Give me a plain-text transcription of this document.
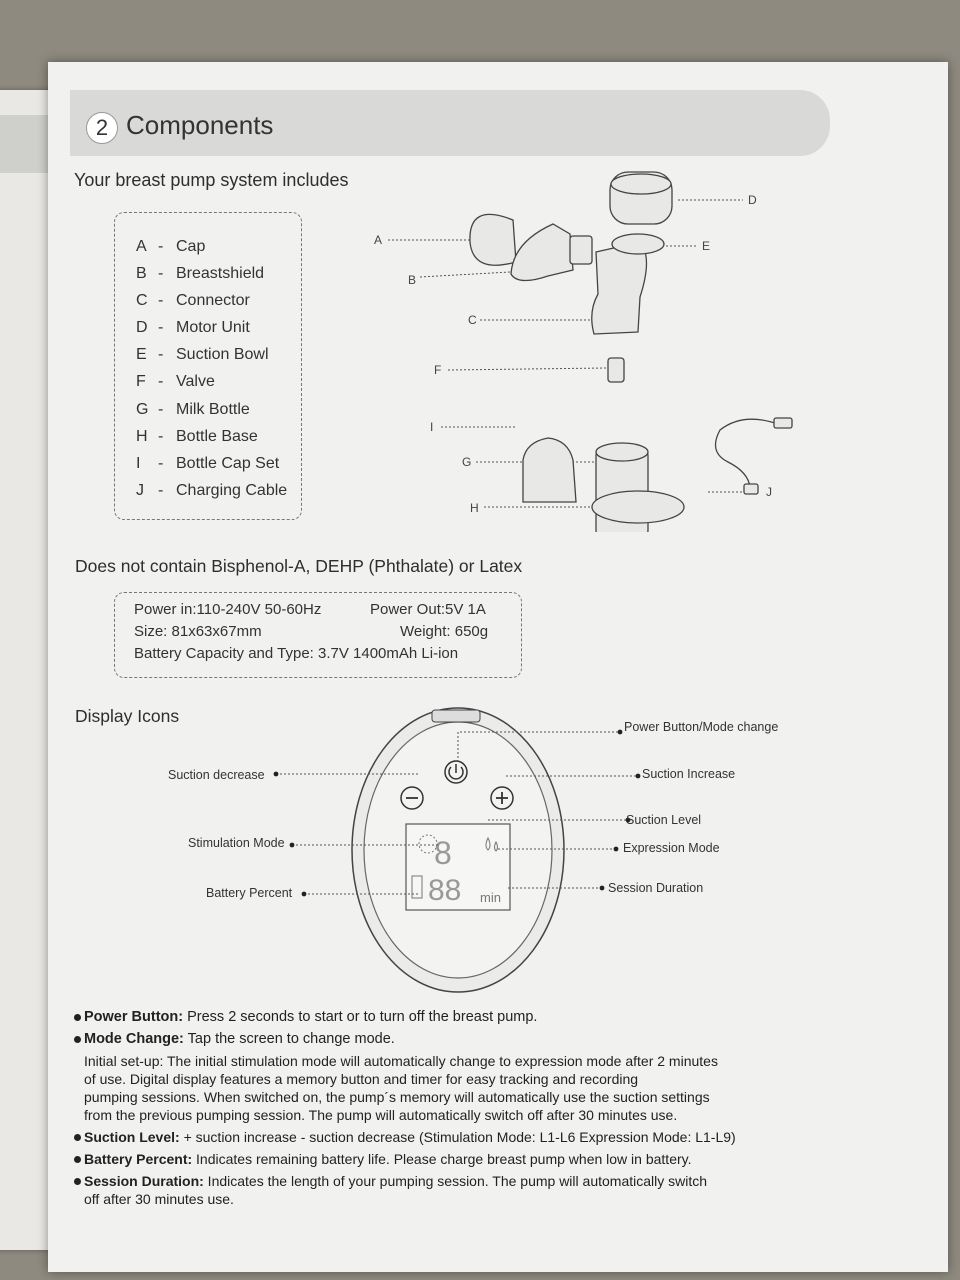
2 Components
Your breast pump system includes
A - Cap
B - Breastshield
C - Connector
D - Motor Unit
E - Suction Bowl
F - Valve
G - Milk Bottle
H - Bottle Base
I - Bottle Cap Set
J - Charging Cable
A
B
C
D
E
F
I
G
H
J
Does not contain Bisphenol-A, DEHP (Phthalate) or Latex
Power in:110-240V 50-60Hz	Power Out:5V 1A
Size: 81x63x67mm	Weight: 650g
Battery Capacity and Type: 3.7V 1400mAh Li-ion
Display Icons
8
88 min
Power Button/Mode change
Suction decrease	Suction Increase
Suction Level
Stimulation Mode	Expression Mode
Battery Percent	Session Duration
Power Button: Press 2 seconds to start or to turn off the breast pump.
Mode Change: Tap the screen to change mode.
Initial set-up: The initial stimulation mode will automatically change to expression mode after 2 minutes
of use. Digital display features a memory button and timer for easy tracking and recording
pumping sessions. When switched on, the pump´s memory will automatically use the suction settings
from the previous pumping session. The pump will automatically switch off after 30 minutes use.
Suction Level: + suction increase - suction decrease (Stimulation Mode: L1-L6 Expression Mode: L1-L9)
Battery Percent: Indicates remaining battery life. Please charge breast pump when low in battery.
Session Duration: Indicates the length of your pumping session. The pump will automatically switch
off after 30 minutes use.
